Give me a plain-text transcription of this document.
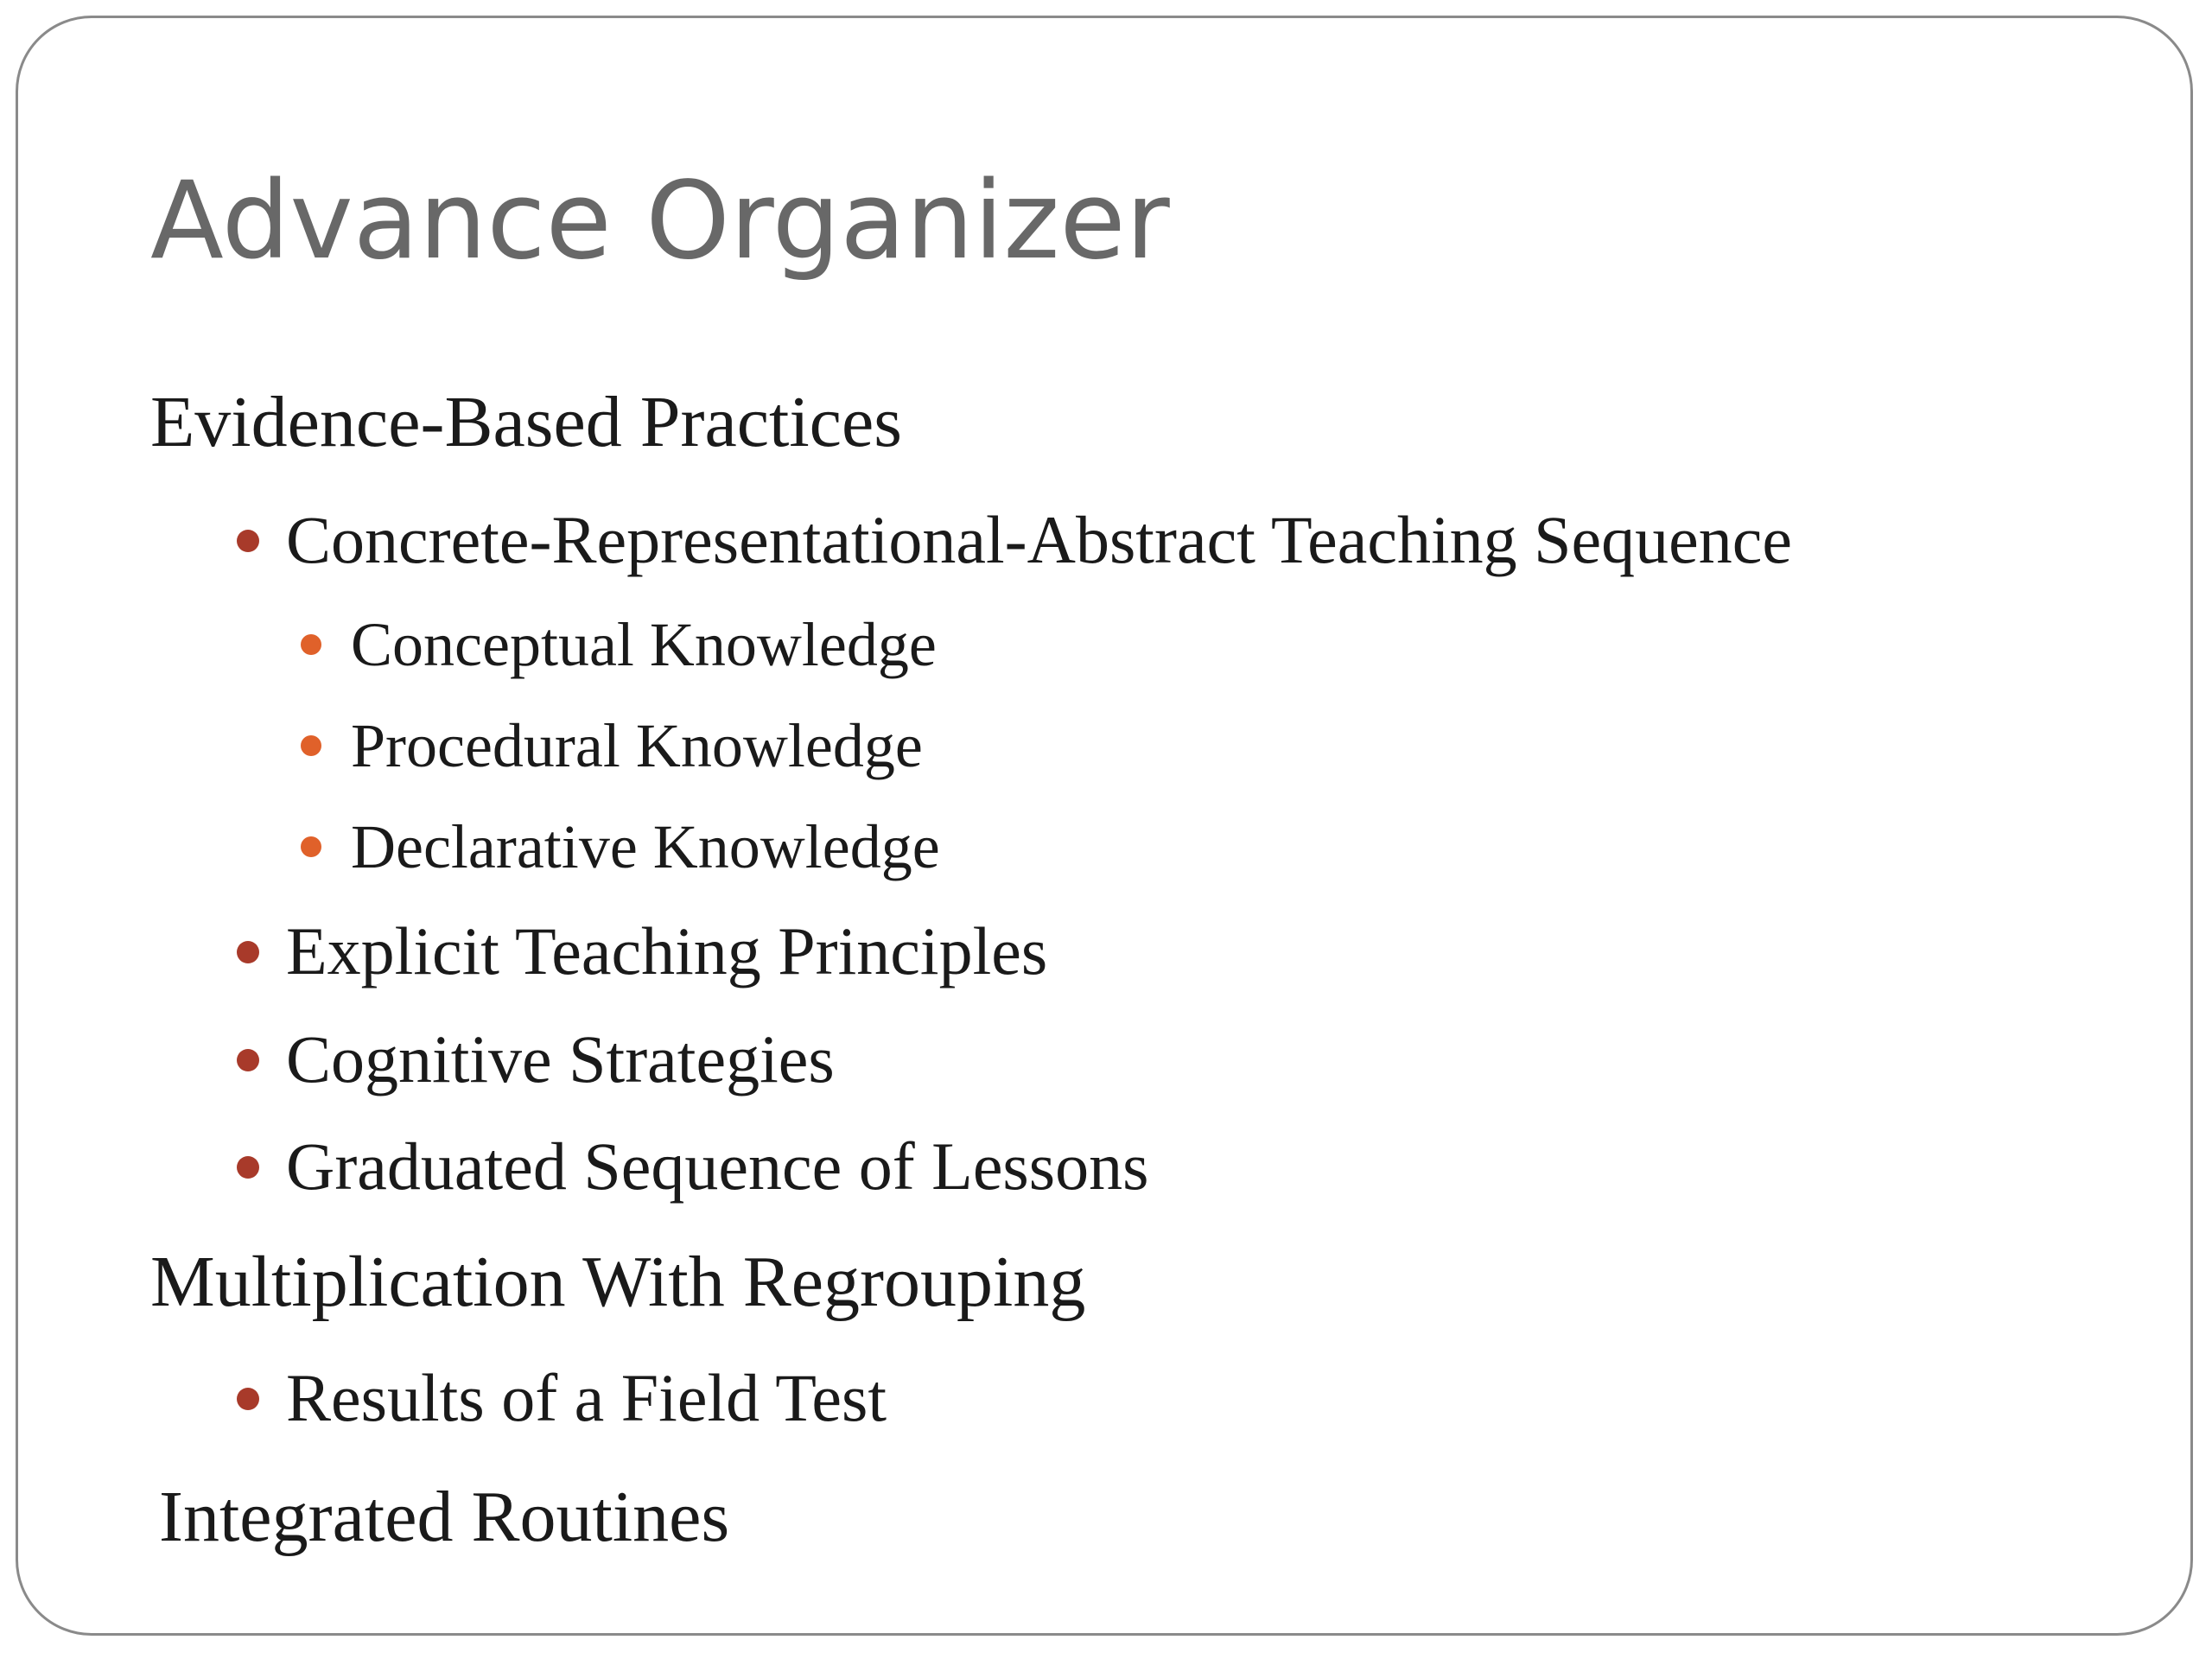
Advance Organizer
Evidence-Based Practices
Concrete-Representational-Abstract Teaching Sequence
Conceptual Knowledge
Procedural Knowledge
Declarative Knowledge
Explicit Teaching Principles
Cognitive Strategies
Graduated Sequence of Lessons
Multiplication With Regrouping
Results of a Field Test
Integrated Routines
